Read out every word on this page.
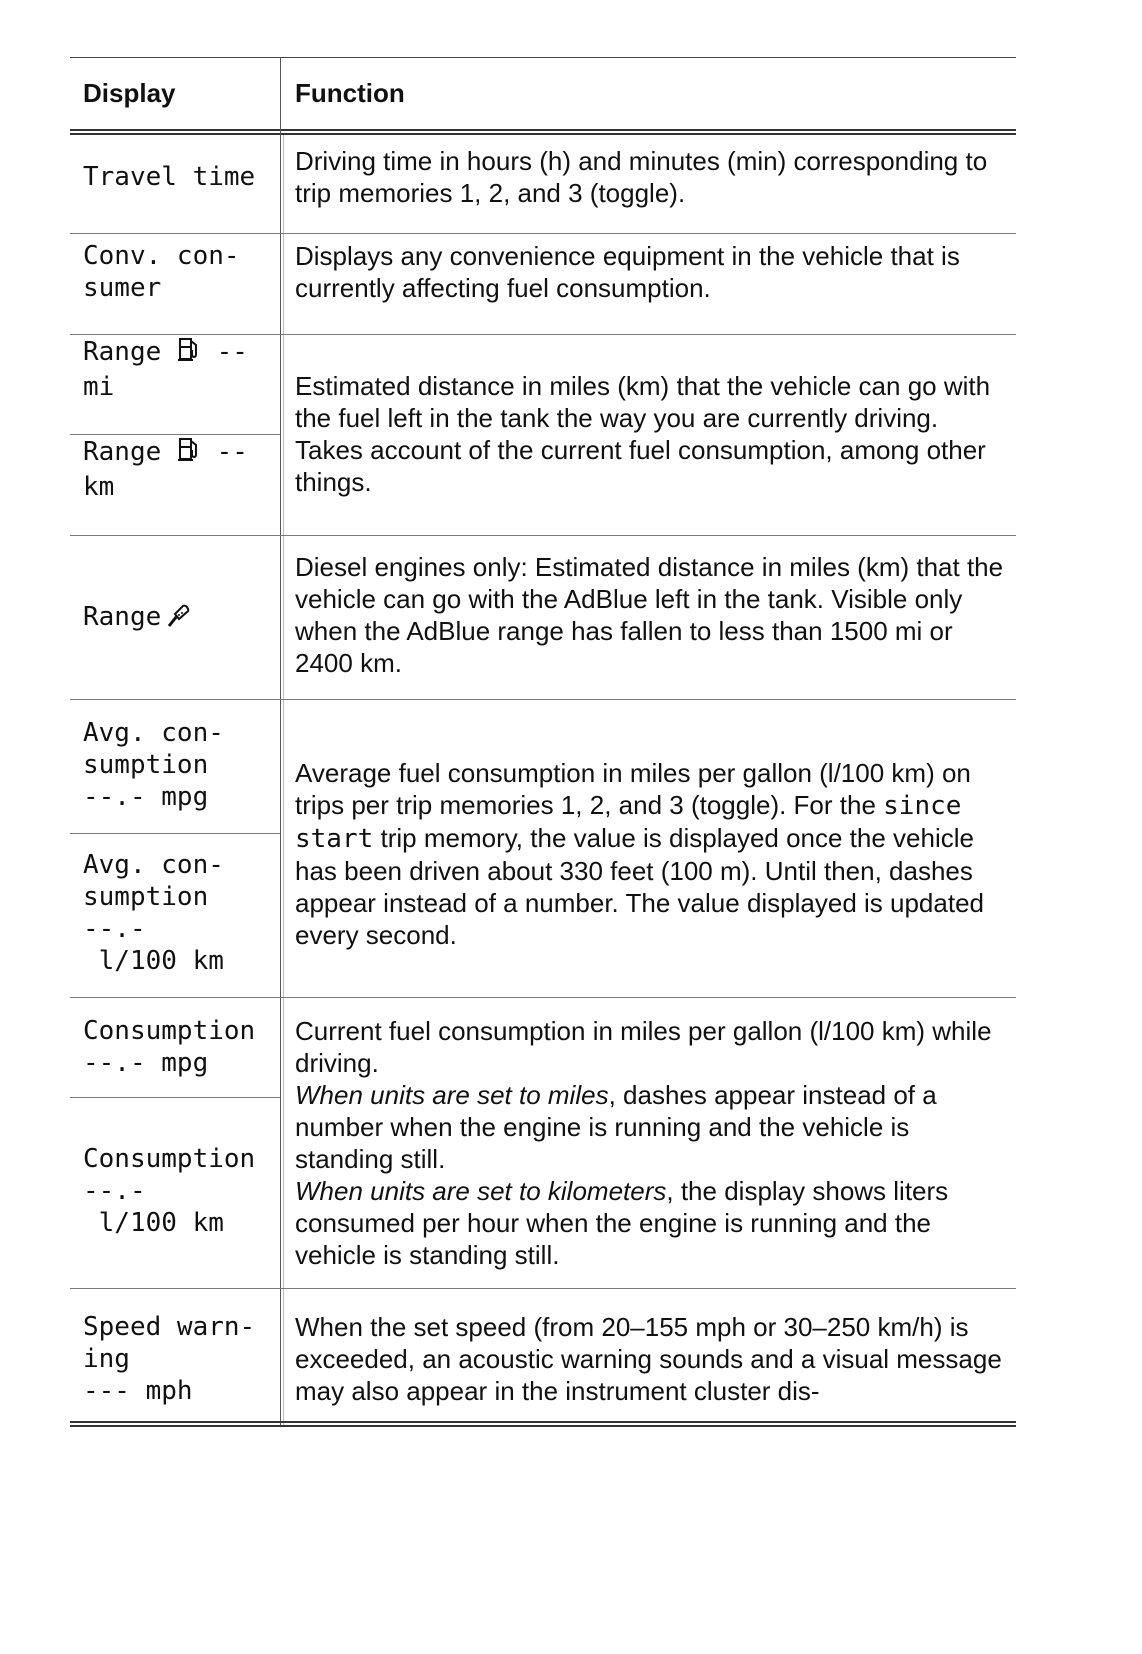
Display	Function
Travel time
Driving time in hours (h) and minutes (min) corresponding to trip memories 1, 2, and 3 (toggle).
Conv. con-
sumer
Displays any convenience equipment in the vehicle that is currently affecting fuel consumption.
Range --
mi
Range --
km
Estimated distance in miles (km) that the vehicle can go with the fuel left in the tank the way you are currently driving. Takes account of the current fuel consumption, among other things.
Range
Diesel engines only: Estimated distance in miles (km) that the vehicle can go with the AdBlue left in the tank. Visible only when the AdBlue range has fallen to less than 1500 mi or 2400 km.
Avg. con-
sumption
--.- mpg
Avg. con-
sumption
--.-
l/100 km
Average fuel consumption in miles per gallon (l/100 km) on trips per trip memories 1, 2, and 3 (toggle). For the since start trip memory, the value is displayed once the vehicle has been driven about 330 feet (100 m). Until then, dashes appear instead of a number. The value displayed is updated every second.
Consumption
--.- mpg
Consumption
--.-
l/100 km
Current fuel consumption in miles per gallon (l/100 km) while driving.
When units are set to miles, dashes appear instead of a number when the engine is running and the vehicle is standing still.
When units are set to kilometers, the display shows liters consumed per hour when the engine is running and the vehicle is standing still.
Speed warn-
ing
--- mph
When the set speed (from 20–155 mph or 30–250 km/h) is exceeded, an acoustic warning sounds and a visual message may also appear in the instrument cluster dis-
